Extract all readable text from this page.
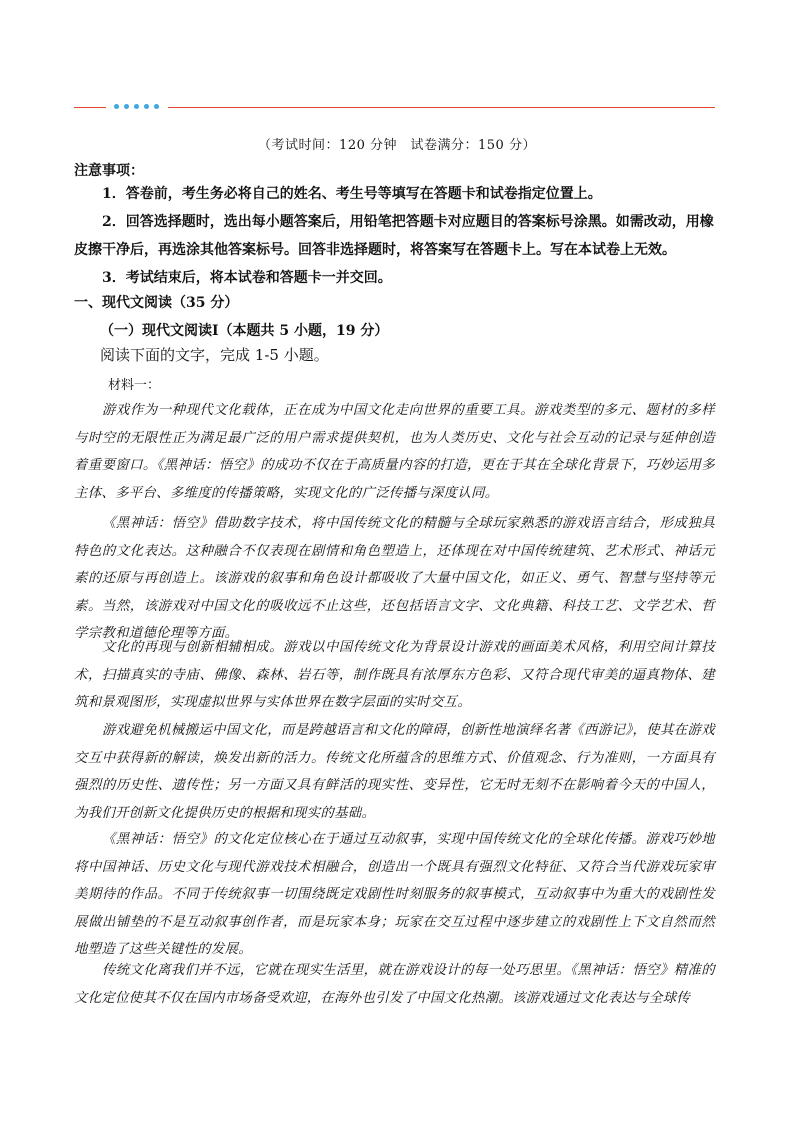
（考试时间：120 分钟　试卷满分：150 分）
注意事项：
1．答卷前，考生务必将自己的姓名、考生号等填写在答题卡和试卷指定位置上。
2．回答选择题时，选出每小题答案后，用铅笔把答题卡对应题目的答案标号涂黑。如需改动，用橡皮擦干净后，再选涂其他答案标号。回答非选择题时，将答案写在答题卡上。写在本试卷上无效。
3．考试结束后，将本试卷和答题卡一并交回。
一、现代文阅读（35 分）
（一）现代文阅读Ⅰ（本题共 5 小题，19 分）
阅读下面的文字，完成 1-5 小题。
材料一：
游戏作为一种现代文化载体，正在成为中国文化走向世界的重要工具。游戏类型的多元、题材的多样与时空的无限性正为满足最广泛的用户需求提供契机，也为人类历史、文化与社会互动的记录与延伸创造着重要窗口。《黑神话：悟空》的成功不仅在于高质量内容的打造，更在于其在全球化背景下，巧妙运用多主体、多平台、多维度的传播策略，实现文化的广泛传播与深度认同。
《黑神话：悟空》借助数字技术，将中国传统文化的精髓与全球玩家熟悉的游戏语言结合，形成独具特色的文化表达。这种融合不仅表现在剧情和角色塑造上，还体现在对中国传统建筑、艺术形式、神话元素的还原与再创造上。该游戏的叙事和角色设计都吸收了大量中国文化，如正义、勇气、智慧与坚持等元素。当然，该游戏对中国文化的吸收远不止这些，还包括语言文字、文化典籍、科技工艺、文学艺术、哲学宗教和道德伦理等方面。
文化的再现与创新相辅相成。游戏以中国传统文化为背景设计游戏的画面美术风格，利用空间计算技术，扫描真实的寺庙、佛像、森林、岩石等，制作既具有浓厚东方色彩、又符合现代审美的逼真物体、建筑和景观图形，实现虚拟世界与实体世界在数字层面的实时交互。
游戏避免机械搬运中国文化，而是跨越语言和文化的障碍，创新性地演绎名著《西游记》，使其在游戏交互中获得新的解读，焕发出新的活力。传统文化所蕴含的思维方式、价值观念、行为准则，一方面具有强烈的历史性、遗传性；另一方面又具有鲜活的现实性、变异性，它无时无刻不在影响着今天的中国人，为我们开创新文化提供历史的根据和现实的基础。
《黑神话：悟空》的文化定位核心在于通过互动叙事，实现中国传统文化的全球化传播。游戏巧妙地将中国神话、历史文化与现代游戏技术相融合，创造出一个既具有强烈文化特征、又符合当代游戏玩家审美期待的作品。不同于传统叙事一切围绕既定戏剧性时刻服务的叙事模式，互动叙事中为重大的戏剧性发展做出铺垫的不是互动叙事创作者，而是玩家本身；玩家在交互过程中逐步建立的戏剧性上下文自然而然地塑造了这些关键性的发展。
传统文化离我们并不远，它就在现实生活里，就在游戏设计的每一处巧思里。《黑神话：悟空》精准的文化定位使其不仅在国内市场备受欢迎，在海外也引发了中国文化热潮。该游戏通过文化表达与全球传
